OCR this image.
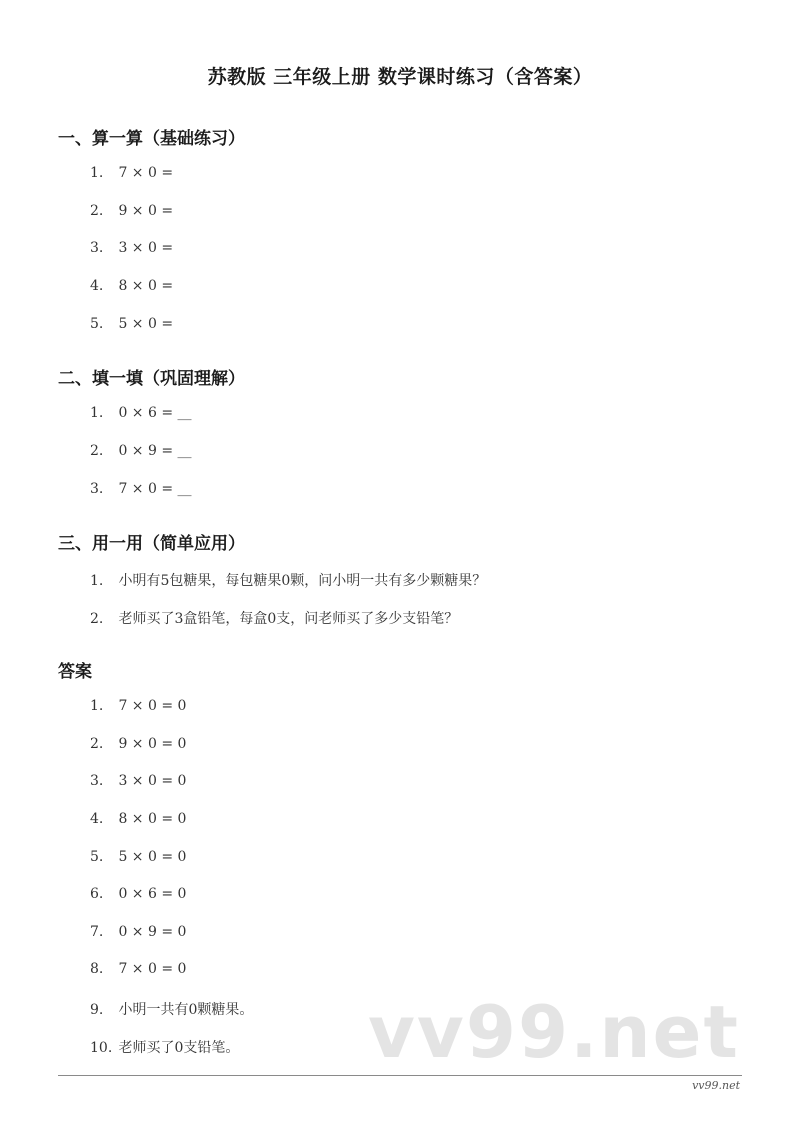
苏教版 三年级上册 数学课时练习（含答案）
一、算一算（基础练习）
1. 7 × 0 =
2. 9 × 0 =
3. 3 × 0 =
4. 8 × 0 =
5. 5 × 0 =
二、填一填（巩固理解）
1. 0 × 6 = __
2. 0 × 9 = __
3. 7 × 0 = __
三、用一用（简单应用）
1. 小明有5包糖果，每包糖果0颗，问小明一共有多少颗糖果？
2. 老师买了3盒铅笔，每盒0支，问老师买了多少支铅笔？
答案
1. 7 × 0 = 0
2. 9 × 0 = 0
3. 3 × 0 = 0
4. 8 × 0 = 0
5. 5 × 0 = 0
6. 0 × 6 = 0
7. 0 × 9 = 0
8. 7 × 0 = 0
9. 小明一共有0颗糖果。
10. 老师买了0支铅笔。 vv99.net
vv99.net
